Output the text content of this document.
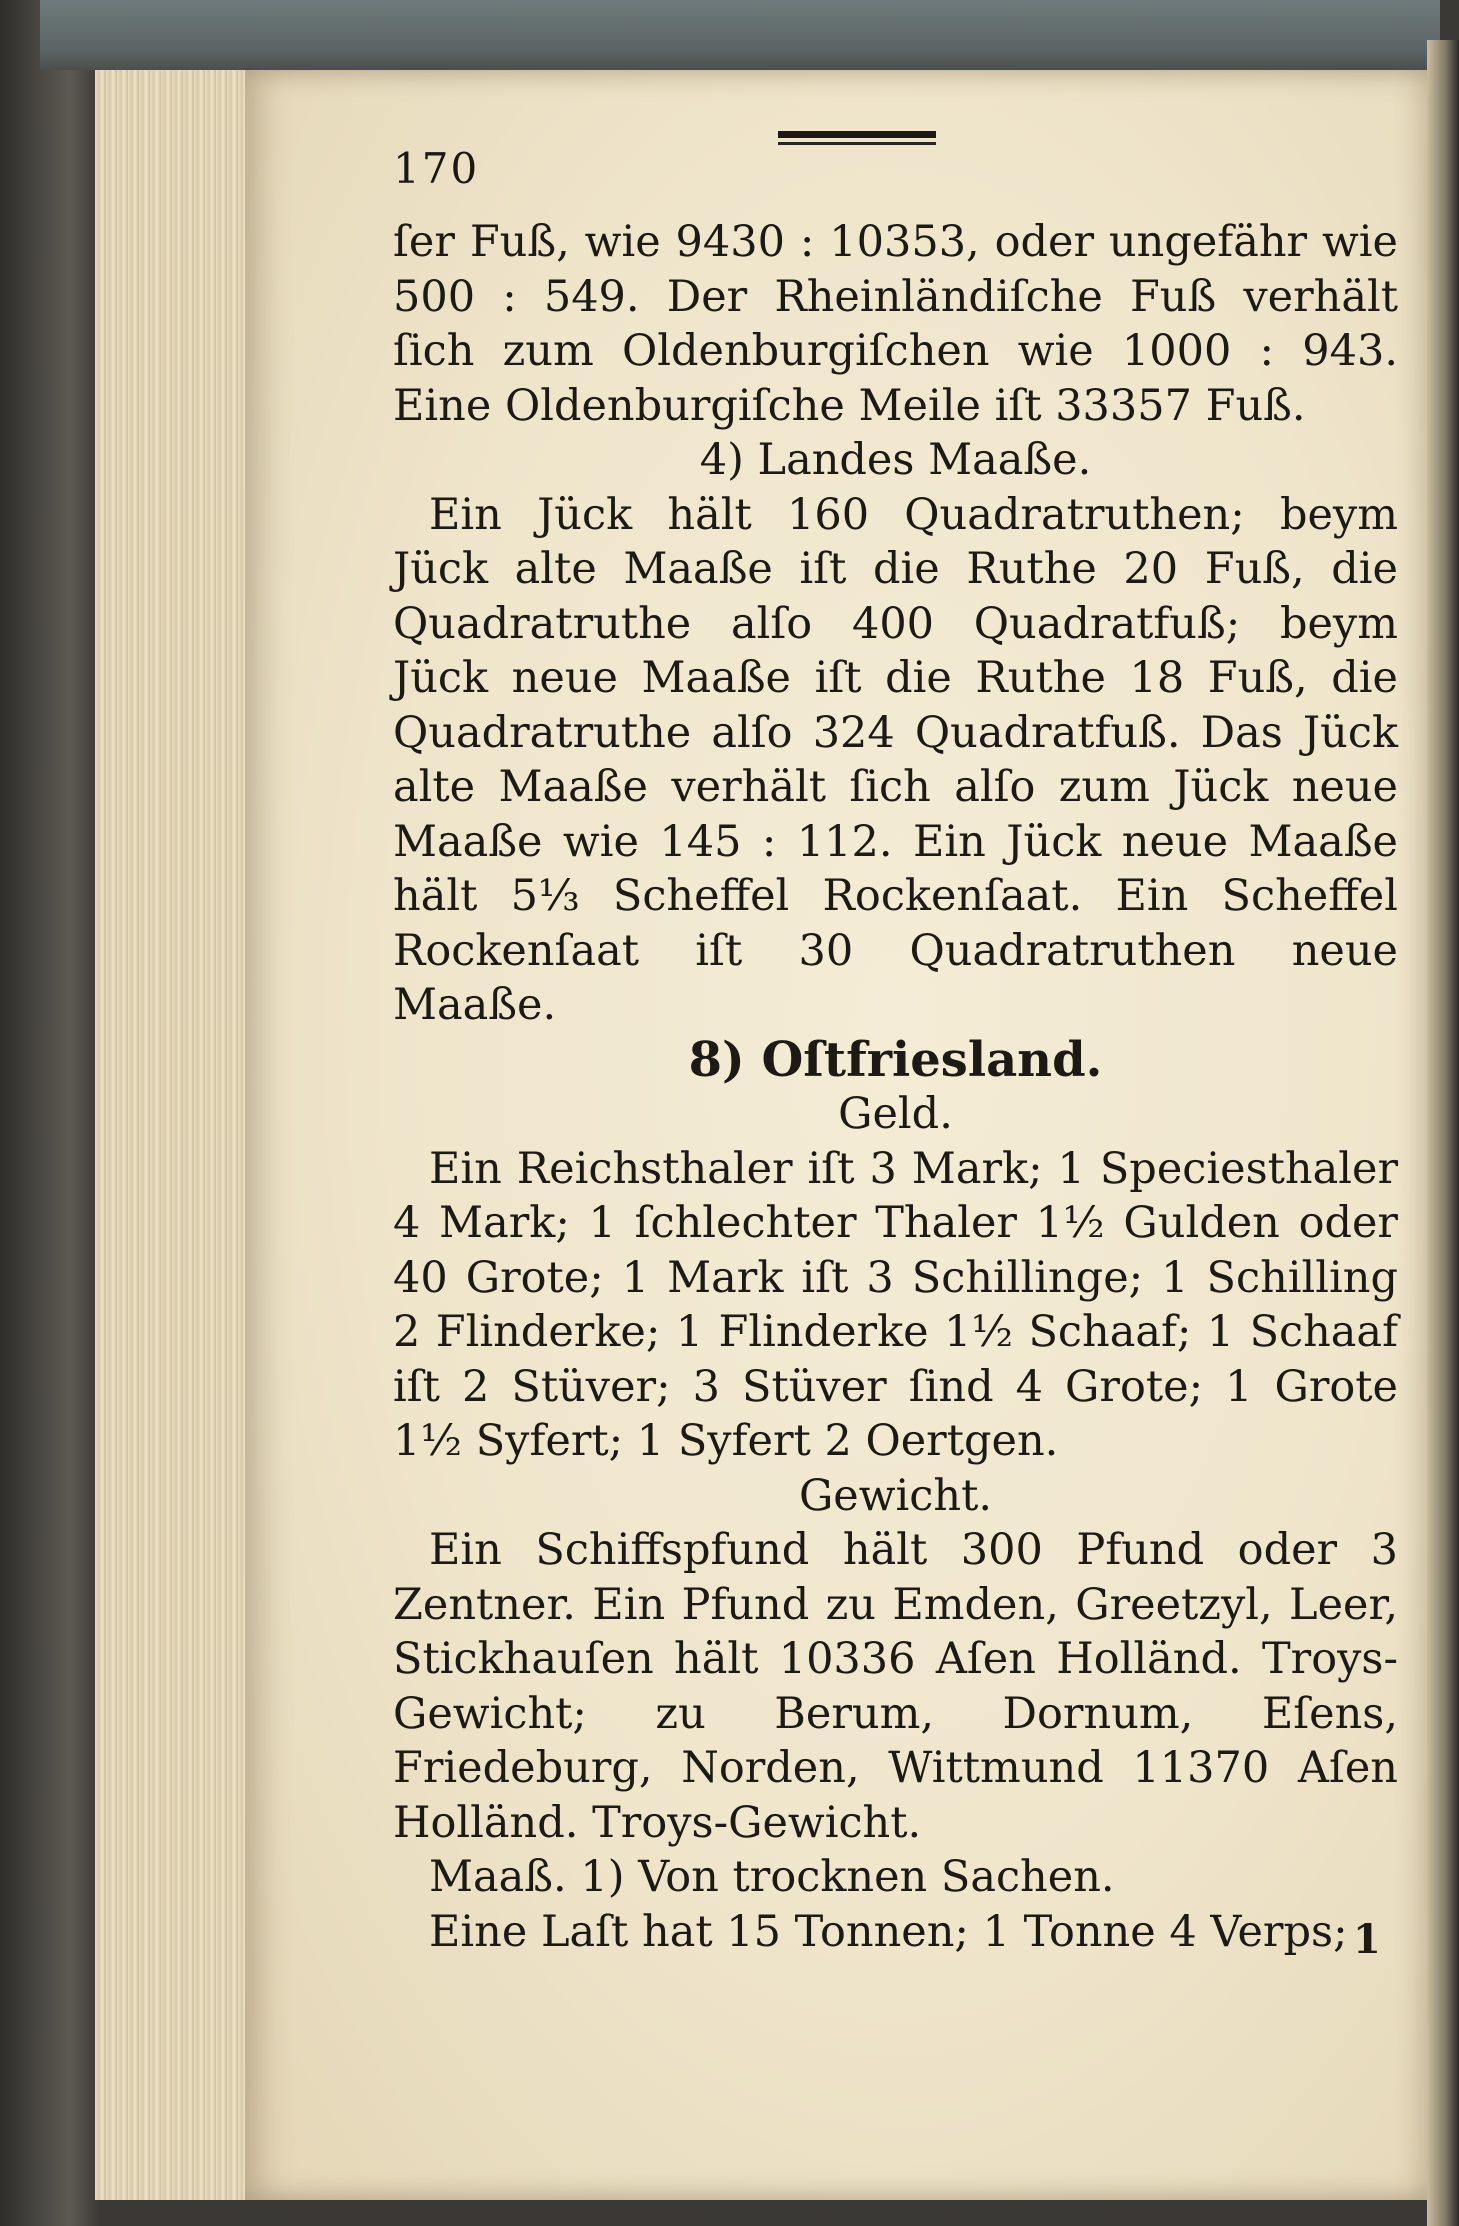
170

ſer Fuß, wie 9430 : 10353, oder ungefähr wie 500 : 549. Der Rheinländiſche Fuß verhält ſich zum Oldenburgiſchen wie 1000 : 943. Eine Oldenburgiſche Meile iſt 33357 Fuß.

4) Landes Maaße.

Ein Jück hält 160 Quadratruthen; beym Jück alte Maaße iſt die Ruthe 20 Fuß, die Quadratruthe alſo 400 Quadratfuß; beym Jück neue Maaße iſt die Ruthe 18 Fuß, die Quadratruthe alſo 324 Quadratfuß. Das Jück alte Maaße verhält ſich alſo zum Jück neue Maaße wie 145 : 112. Ein Jück neue Maaße hält 5⅓ Scheffel Rockenſaat. Ein Scheffel Rockenſaat iſt 30 Quadratruthen neue Maaße.

8) Oſtfriesland.

Geld.

Ein Reichsthaler iſt 3 Mark; 1 Speciesthaler 4 Mark; 1 ſchlechter Thaler 1½ Gulden oder 40 Grote; 1 Mark iſt 3 Schillinge; 1 Schilling 2 Flinderke; 1 Flinderke 1½ Schaaf; 1 Schaaf iſt 2 Stüver; 3 Stüver ſind 4 Grote; 1 Grote 1½ Syfert; 1 Syfert 2 Oertgen.

Gewicht.

Ein Schiffspfund hält 300 Pfund oder 3 Zentner. Ein Pfund zu Emden, Greetzyl, Leer, Stickhauſen hält 10336 Aſen Holländ. Troys-Gewicht; zu Berum, Dornum, Eſens, Friedeburg, Norden, Wittmund 11370 Aſen Holländ. Troys-Gewicht.

Maaß. 1) Von trocknen Sachen.

Eine Laſt hat 15 Tonnen; 1 Tonne 4 Verps; 1
